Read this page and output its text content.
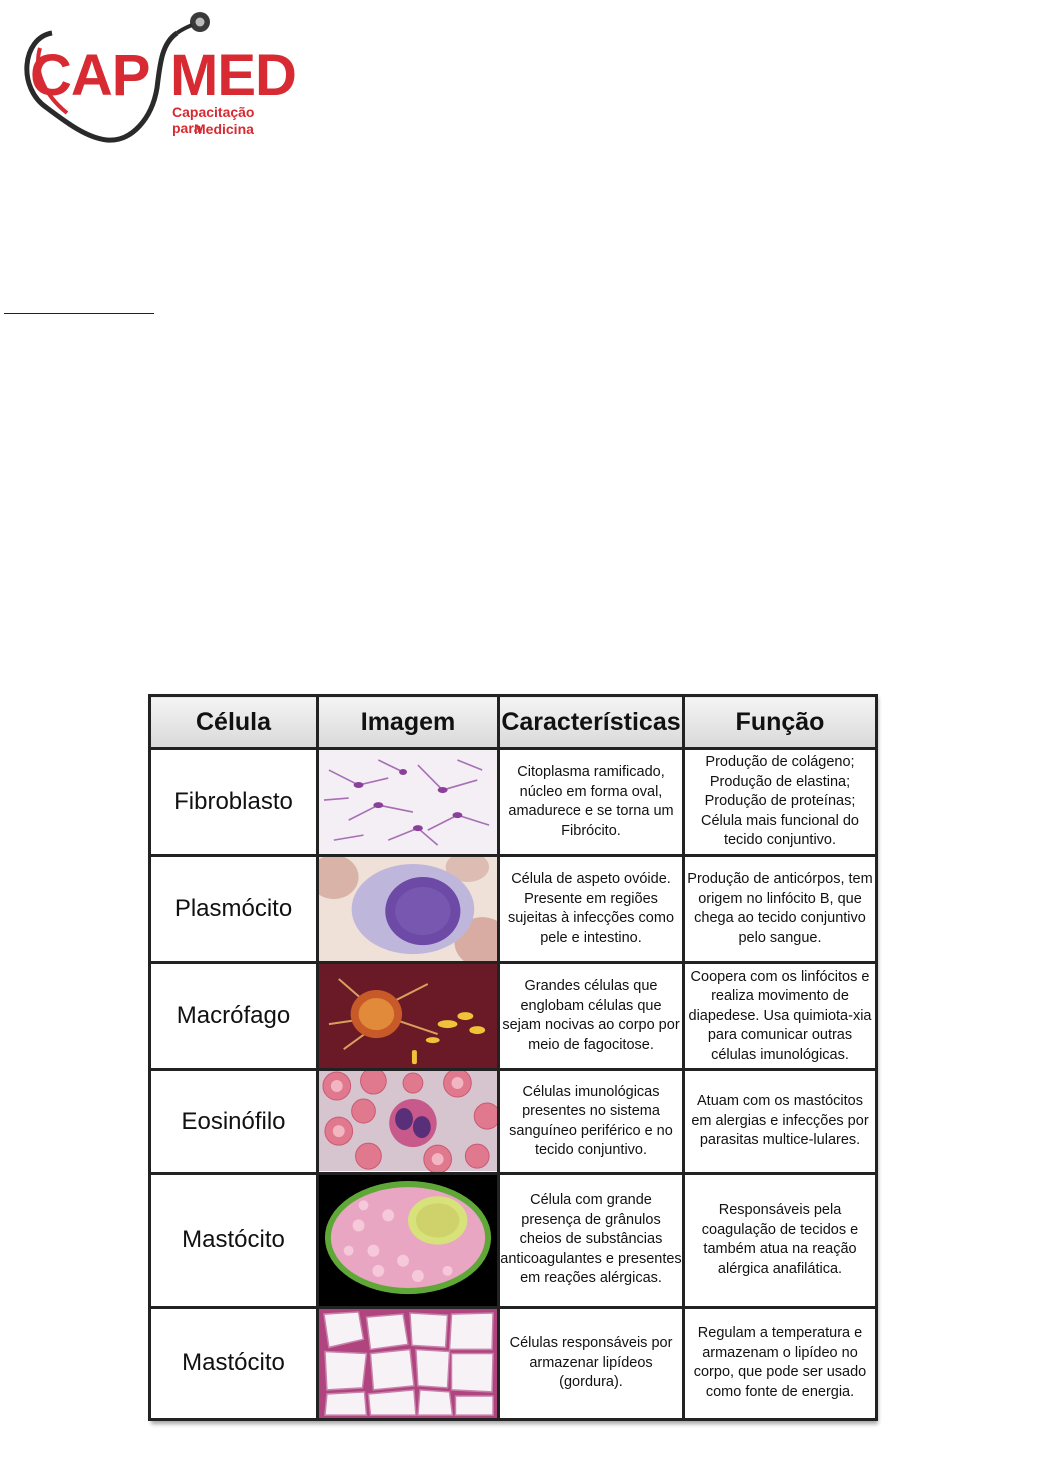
CAP MED
Capacitação para
Medicina
Célula	Imagem	Características	Função
Fibroblasto		Citoplasma ramificado, núcleo em forma oval, amadurece e se torna um Fibrócito.	Produção de colágeno; Produção de elastina; Produção de proteínas; Célula mais funcional do tecido conjuntivo.
Plasmócito		Célula de aspeto ovóide. Presente em regiões sujeitas à infecções como pele e intestino.	Produção de anticórpos, tem origem no linfócito B, que chega ao tecido conjuntivo pelo sangue.
Macrófago		Grandes células que englobam células que sejam nocivas ao corpo por meio de fagocitose.	Coopera com os linfócitos e realiza movimento de diapedese. Usa quimiota-xia para comunicar outras células imunológicas.
Eosinófilo		Células imunológicas presentes no sistema sanguíneo periférico e no tecido conjuntivo.	Atuam com os mastócitos em alergias e infecções por parasitas multice-lulares.
Mastócito		Célula com grande presença de grânulos cheios de substâncias anticoagulantes e presentes em reações alérgicas.	Responsáveis pela coagulação de tecidos e também atua na reação alérgica anafilática.
Mastócito		Células responsáveis por armazenar lipídeos (gordura).	Regulam a temperatura e armazenam o lipídeo no corpo, que pode ser usado como fonte de energia.
